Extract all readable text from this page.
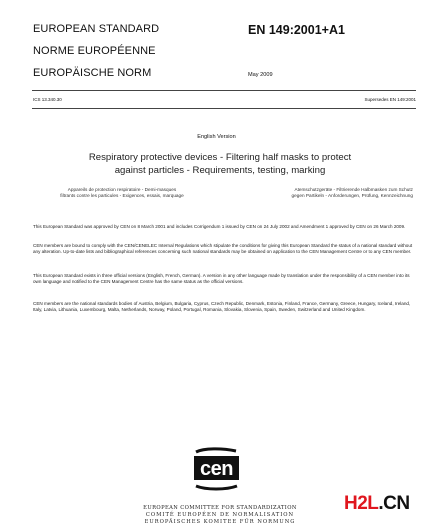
EUROPEAN STANDARD
NORME EUROPÉENNE
EUROPÄISCHE NORM
EN 149:2001+A1
May 2009
ICS 13.340.30	Supersedes EN 149:2001
English Version
Respiratory protective devices - Filtering half masks to protect
against particles - Requirements, testing, marking
Appareils de protection respiratoire - Demi-masques
filtrants contre les particules - Exigences, essais, marquage
Atemschutzgeräte - Filtrierende Halbmasken zum Schutz
gegen Partikeln - Anforderungen, Prüfung, Kennzeichnung
This European Standard was approved by CEN on 8 March 2001 and includes Corrigendum 1 issued by CEN on 24 July 2002 and Amendment 1 approved by CEN on 26 March 2009.
CEN members are bound to comply with the CEN/CENELEC Internal Regulations which stipulate the conditions for giving this European Standard the status of a national standard without any alteration. Up-to-date lists and bibliographical references concerning such national standards may be obtained on application to the CEN Management Centre or to any CEN member.
This European Standard exists in three official versions (English, French, German). A version in any other language made by translation under the responsibility of a CEN member into its own language and notified to the CEN Management Centre has the same status as the official versions.
CEN members are the national standards bodies of Austria, Belgium, Bulgaria, Cyprus, Czech Republic, Denmark, Estonia, Finland, France, Germany, Greece, Hungary, Iceland, Ireland, Italy, Latvia, Lithuania, Luxembourg, Malta, Netherlands, Norway, Poland, Portugal, Romania, Slovakia, Slovenia, Spain, Sweden, Switzerland and United Kingdom.
cen
EUROPEAN COMMITTEE FOR STANDARDIZATION
COMITÉ EUROPÉEN DE NORMALISATION
EUROPÄISCHES KOMITEE FÜR NORMUNG
H2L.CN
